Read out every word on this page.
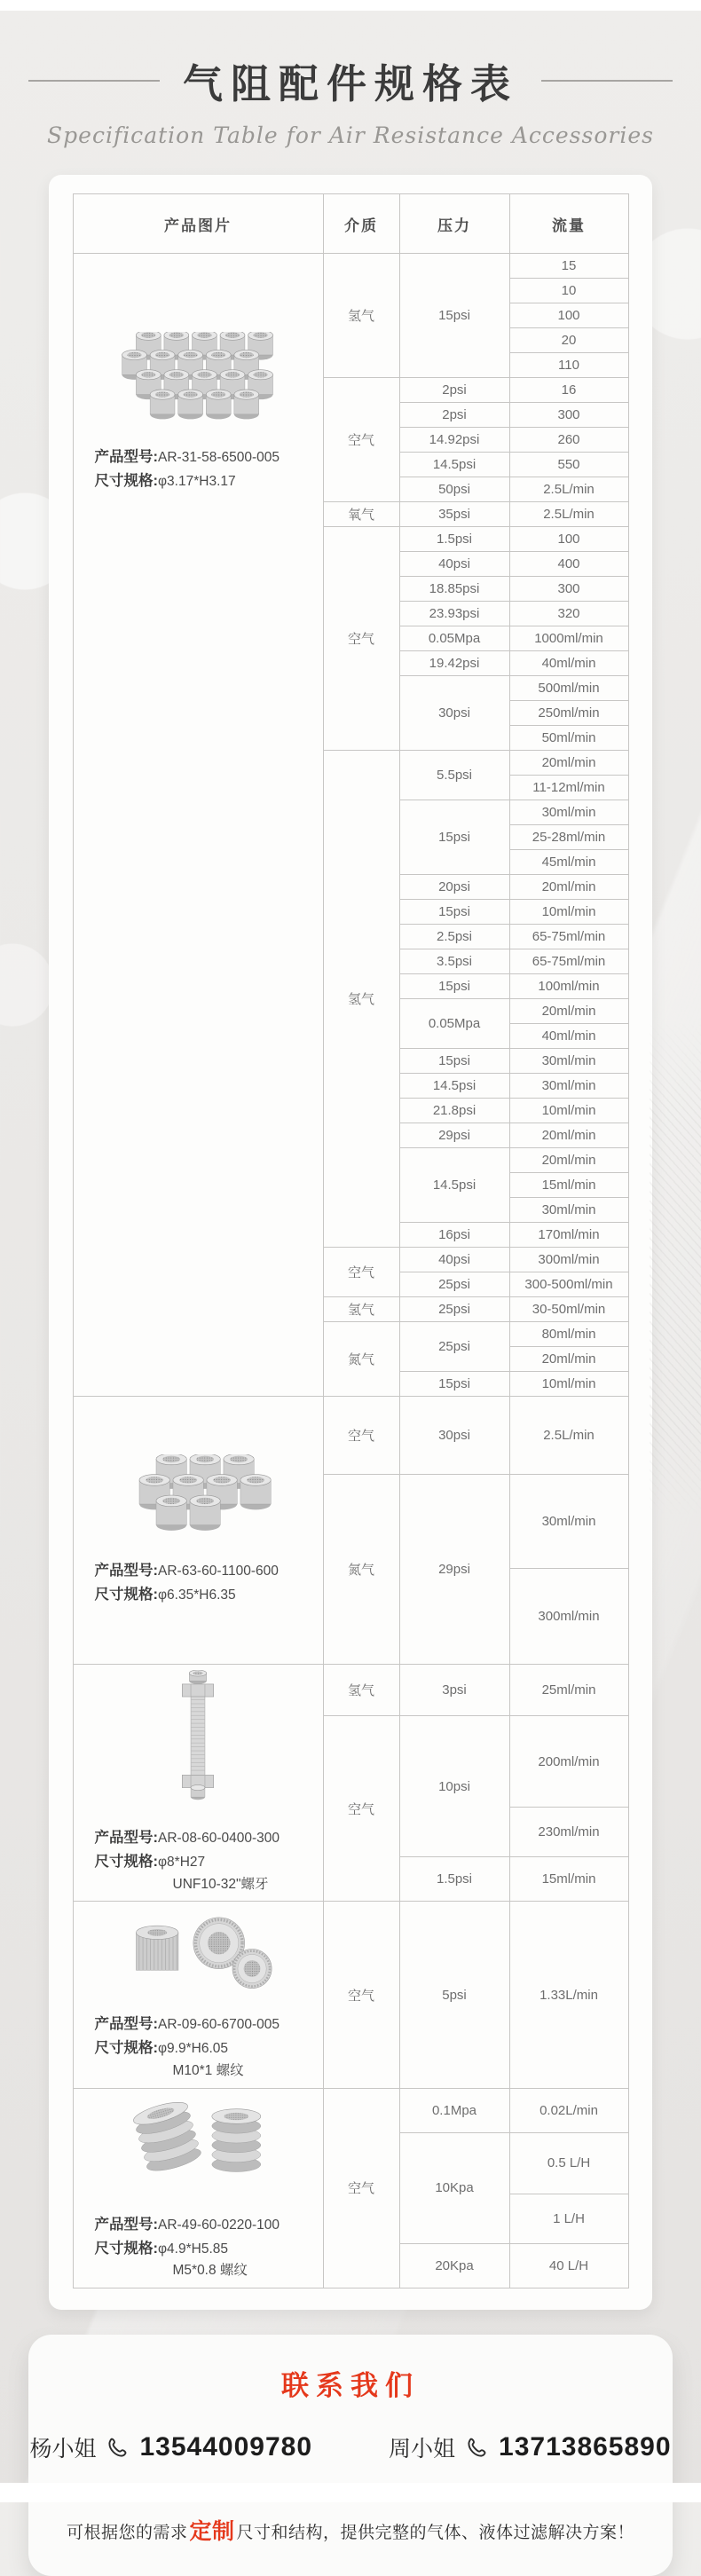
气阻配件规格表
Specification Table for Air Resistance Accessories
产品图片	介质	压力	流量

产品型号:AR-31-58-6500-005
尺寸规格:φ3.17*H3.17	氢气	15psi	15
			10
			100
			20
			110
	空气	2psi	16
		2psi	300
		14.92psi	260
		14.5psi	550
		50psi	2.5L/min
	氧气	35psi	2.5L/min
	空气	1.5psi	100
		40psi	400
		18.85psi	300
		23.93psi	320
		0.05Mpa	1000ml/min
		19.42psi	40ml/min
		30psi	500ml/min
			250ml/min
			50ml/min
	氢气	5.5psi	20ml/min
			11-12ml/min
		15psi	30ml/min
			25-28ml/min
			45ml/min
		20psi	20ml/min
		15psi	10ml/min
		2.5psi	65-75ml/min
		3.5psi	65-75ml/min
		15psi	100ml/min
		0.05Mpa	20ml/min
			40ml/min
		15psi	30ml/min
		14.5psi	30ml/min
		21.8psi	10ml/min
		29psi	20ml/min
		14.5psi	20ml/min
			15ml/min
			30ml/min
		16psi	170ml/min
	空气	40psi	300ml/min
		25psi	300-500ml/min
	氢气	25psi	30-50ml/min
	氮气	25psi	80ml/min
			20ml/min
		15psi	10ml/min

产品型号:AR-63-60-1100-600
尺寸规格:φ6.35*H6.35	空气	30psi	2.5L/min
	氮气	29psi	30ml/min
			300ml/min

产品型号:AR-08-60-0400-300
尺寸规格:φ8*H27
UNF10-32"螺牙	氢气	3psi	25ml/min
	空气	10psi	200ml/min
			230ml/min
		1.5psi	15ml/min

产品型号:AR-09-60-6700-005
尺寸规格:φ9.9*H6.05
M10*1 螺纹	空气	5psi	1.33L/min

产品型号:AR-49-60-0220-100
尺寸规格:φ4.9*H5.85
M5*0.8 螺纹	空气	0.1Mpa	0.02L/min
		10Kpa	0.5 L/H
			1 L/H
		20Kpa	40 L/H
联系我们
杨小姐 13544009780	周小姐 13713865890
可根据您的需求定制 尺寸和结构，提供完整的气体、液体过滤解决方案！
